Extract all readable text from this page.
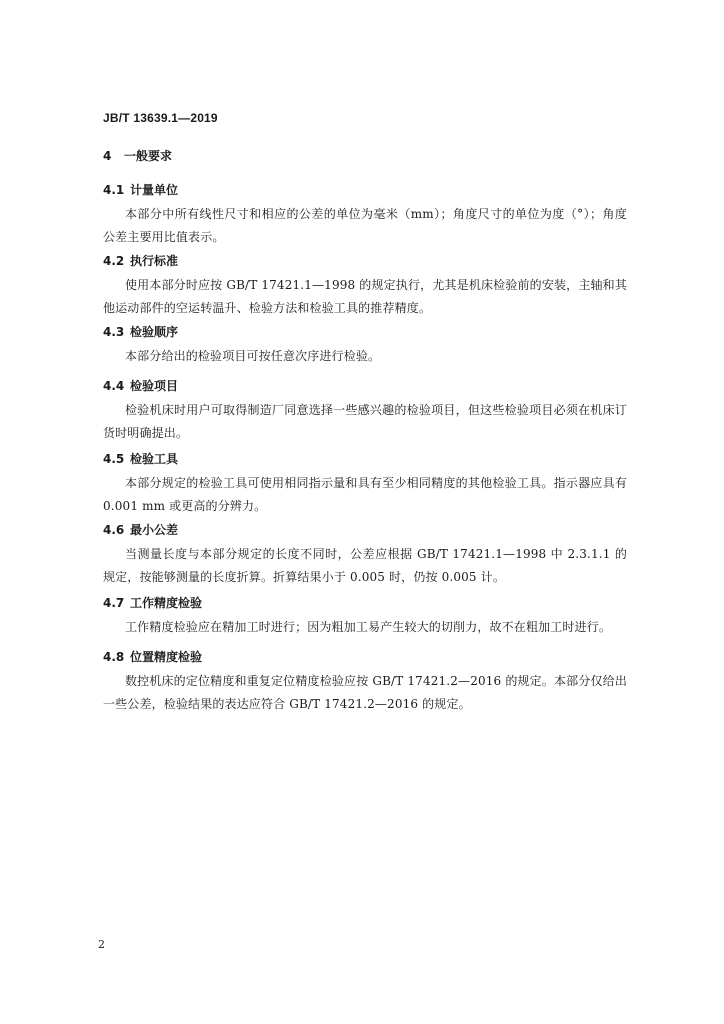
JB/T 13639.1—2019
4 一般要求
4.1 计量单位
本部分中所有线性尺寸和相应的公差的单位为毫米（mm）；角度尺寸的单位为度（°）；角度公差主要用比值表示。
4.2 执行标准
使用本部分时应按 GB/T 17421.1—1998 的规定执行，尤其是机床检验前的安装，主轴和其他运动部件的空运转温升、检验方法和检验工具的推荐精度。
4.3 检验顺序
本部分给出的检验项目可按任意次序进行检验。
4.4 检验项目
检验机床时用户可取得制造厂同意选择一些感兴趣的检验项目，但这些检验项目必须在机床订货时明确提出。
4.5 检验工具
本部分规定的检验工具可使用相同指示量和具有至少相同精度的其他检验工具。指示器应具有 0.001 mm 或更高的分辨力。
4.6 最小公差
当测量长度与本部分规定的长度不同时，公差应根据 GB/T 17421.1—1998 中 2.3.1.1 的规定，按能够测量的长度折算。折算结果小于 0.005 时，仍按 0.005 计。
4.7 工作精度检验
工作精度检验应在精加工时进行；因为粗加工易产生较大的切削力，故不在粗加工时进行。
4.8 位置精度检验
数控机床的定位精度和重复定位精度检验应按 GB/T 17421.2—2016 的规定。本部分仅给出一些公差，检验结果的表达应符合 GB/T 17421.2—2016 的规定。
2
